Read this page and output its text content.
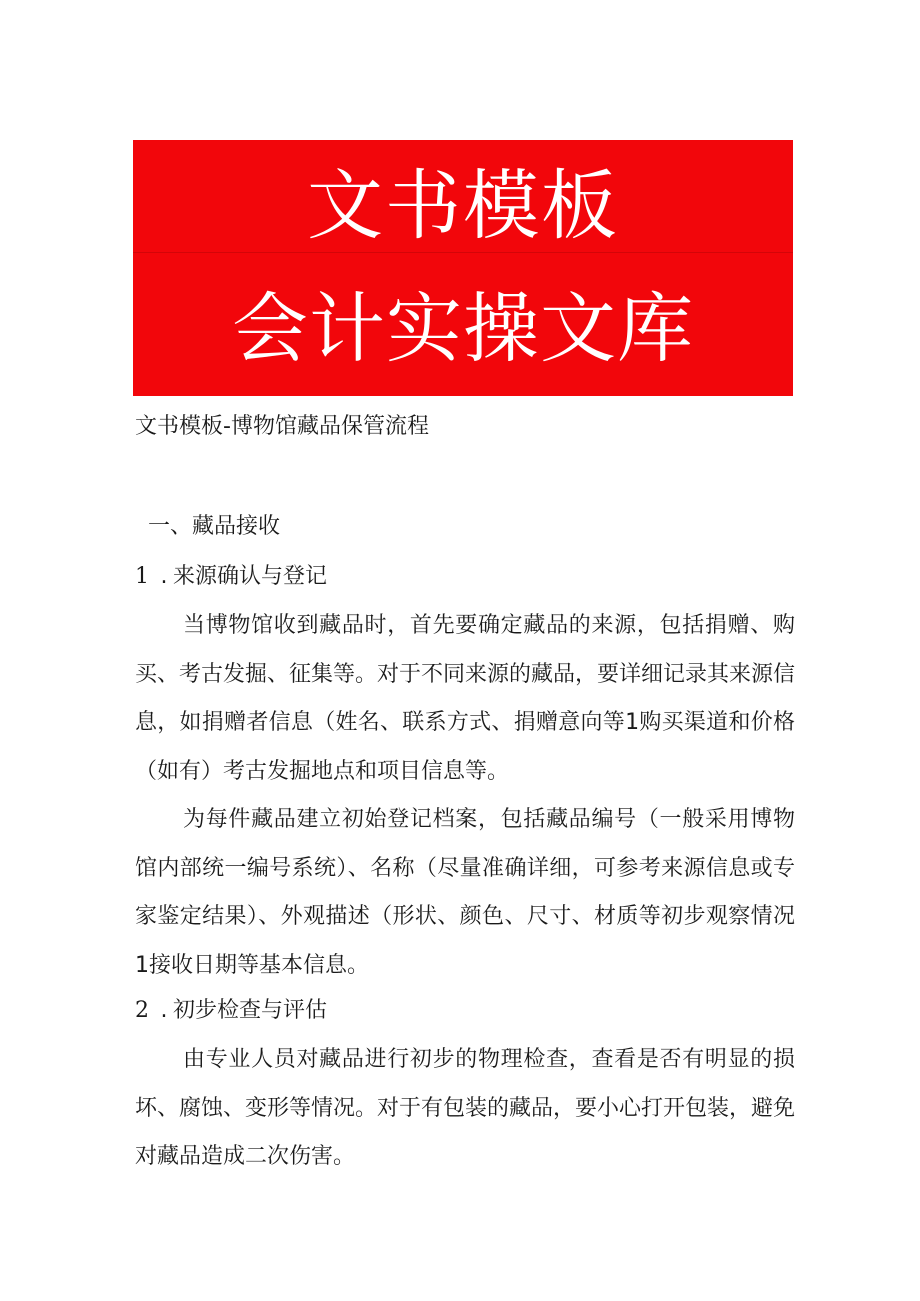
文书模板
会计实操文库
文书模板-博物馆藏品保管流程
一、藏品接收
1 . 来源确认与登记

当博物馆收到藏品时，首先要确定藏品的来源，包括捐赠、购买、考古发掘、征集等。对于不同来源的藏品，要详细记录其来源信息，如捐赠者信息（姓名、联系方式、捐赠意向等1购买渠道和价格（如有）考古发掘地点和项目信息等。

为每件藏品建立初始登记档案，包括藏品编号（一般采用博物馆内部统一编号系统）、名称（尽量准确详细，可参考来源信息或专家鉴定结果）、外观描述（形状、颜色、尺寸、材质等初步观察情况1接收日期等基本信息。

2 . 初步检查与评估

由专业人员对藏品进行初步的物理检查，查看是否有明显的损坏、腐蚀、变形等情况。对于有包装的藏品，要小心打开包装，避免对藏品造成二次伤害。
